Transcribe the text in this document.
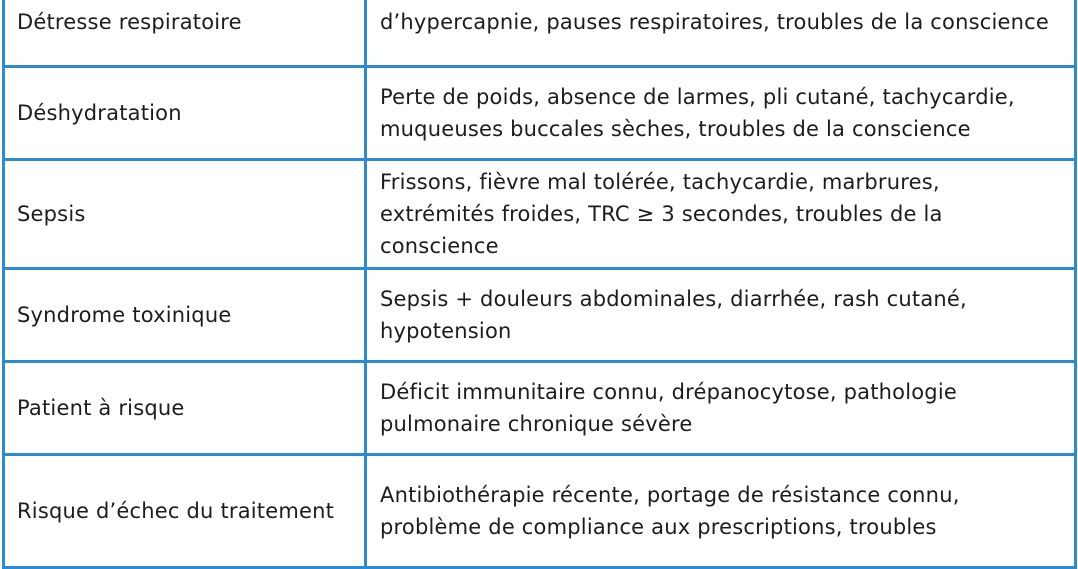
Détresse respiratoire	d’hypercapnie, pauses respiratoires, troubles de la conscience
Déshydratation	Perte de poids, absence de larmes, pli cutané, tachycardie, muqueuses buccales sèches, troubles de la conscience
Sepsis	Frissons, fièvre mal tolérée, tachycardie, marbrures, extrémités froides, TRC ≥ 3 secondes, troubles de la conscience
Syndrome toxinique	Sepsis + douleurs abdominales, diarrhée, rash cutané, hypotension
Patient à risque	Déficit immunitaire connu, drépanocytose, pathologie pulmonaire chronique sévère
Risque d’échec du traitement	Antibiothérapie récente, portage de résistance connu, problème de compliance aux prescriptions, troubles
